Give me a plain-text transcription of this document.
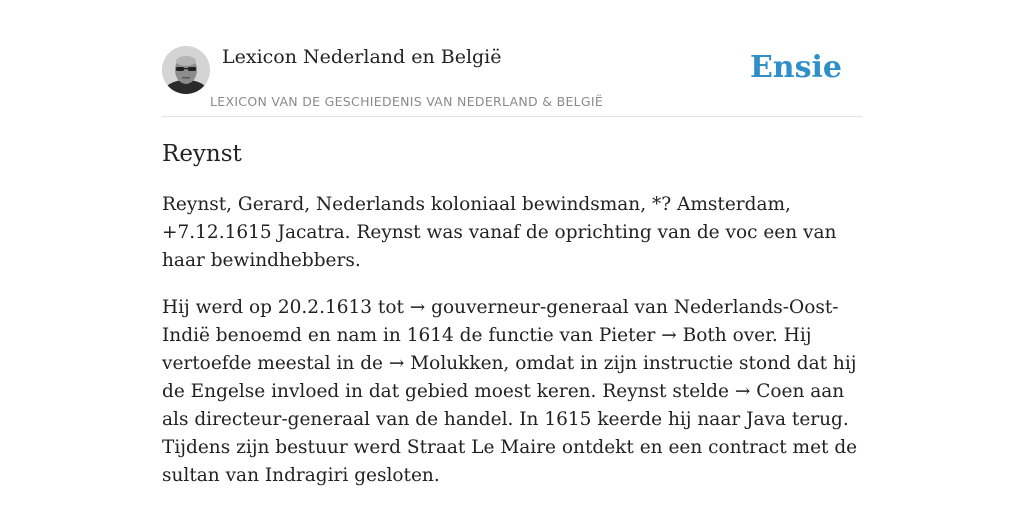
Lexicon Nederland en België
LEXICON VAN DE GESCHIEDENIS VAN NEDERLAND & BELGIË
Ensie
Reynst

Reynst, Gerard, Nederlands koloniaal bewindsman, *? Amsterdam, +7.12.1615 Jacatra. Reynst was vanaf de oprichting van de voc een van haar bewindhebbers.

Hij werd op 20.2.1613 tot → gouverneur-generaal van Nederlands-Oost-Indië benoemd en nam in 1614 de functie van Pieter → Both over. Hij vertoefde meestal in de → Molukken, omdat in zijn instructie stond dat hij de Engelse invloed in dat gebied moest keren. Reynst stelde → Coen aan als directeur-generaal van de handel. In 1615 keerde hij naar Java terug. Tijdens zijn bestuur werd Straat Le Maire ontdekt en een contract met de sultan van Indragiri gesloten.
